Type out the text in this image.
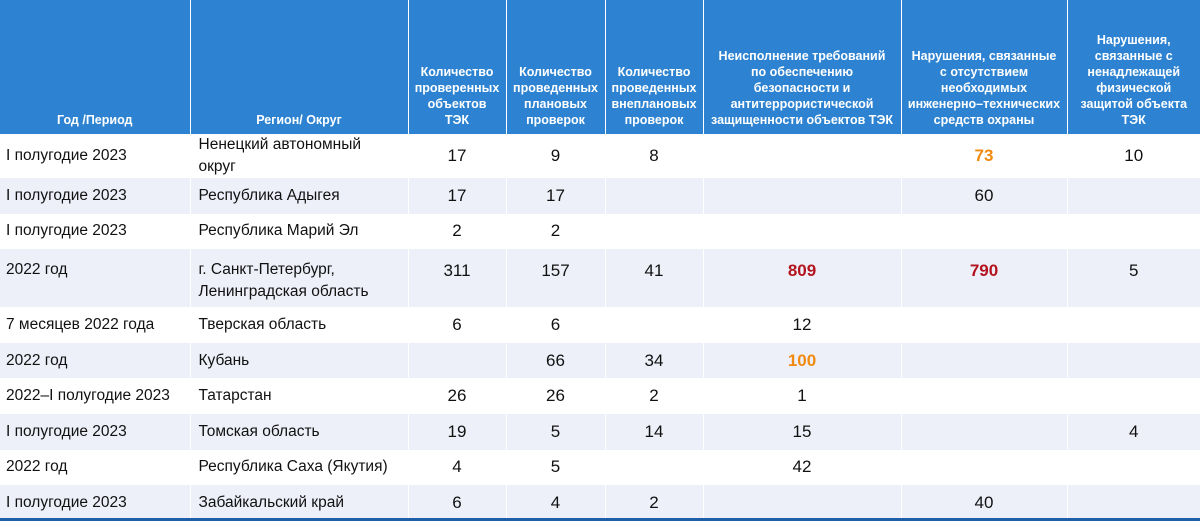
Год /Период	Регион/ Округ	Количество проверенных объектов ТЭК	Количество проведенных плановых проверок	Количество проведенных внеплановых проверок	Неисполнение требований по обеспечению безопасности и антитеррористической защищенности объектов ТЭК	Нарушения, связанные с отсутствием необходимых инженерно–технических средств охраны	Нарушения, связанные с ненадлежащей физической защитой объекта ТЭК
I полугодие 2023	Ненецкий автономный округ	17	9	8		73	10
I полугодие 2023	Республика Адыгея	17	17			60	
I полугодие 2023	Республика Марий Эл	2	2				
2022 год	г. Санкт-Петербург, Ленинградская область	311	157	41	809	790	5
7 месяцев 2022 года	Тверская область	6	6		12		
2022 год	Кубань		66	34	100		
2022–I полугодие 2023	Татарстан	26	26	2	1		
I полугодие 2023	Томская область	19	5	14	15		4
2022 год	Республика Саха (Якутия)	4	5		42		
I полугодие 2023	Забайкальский край	6	4	2		40	
